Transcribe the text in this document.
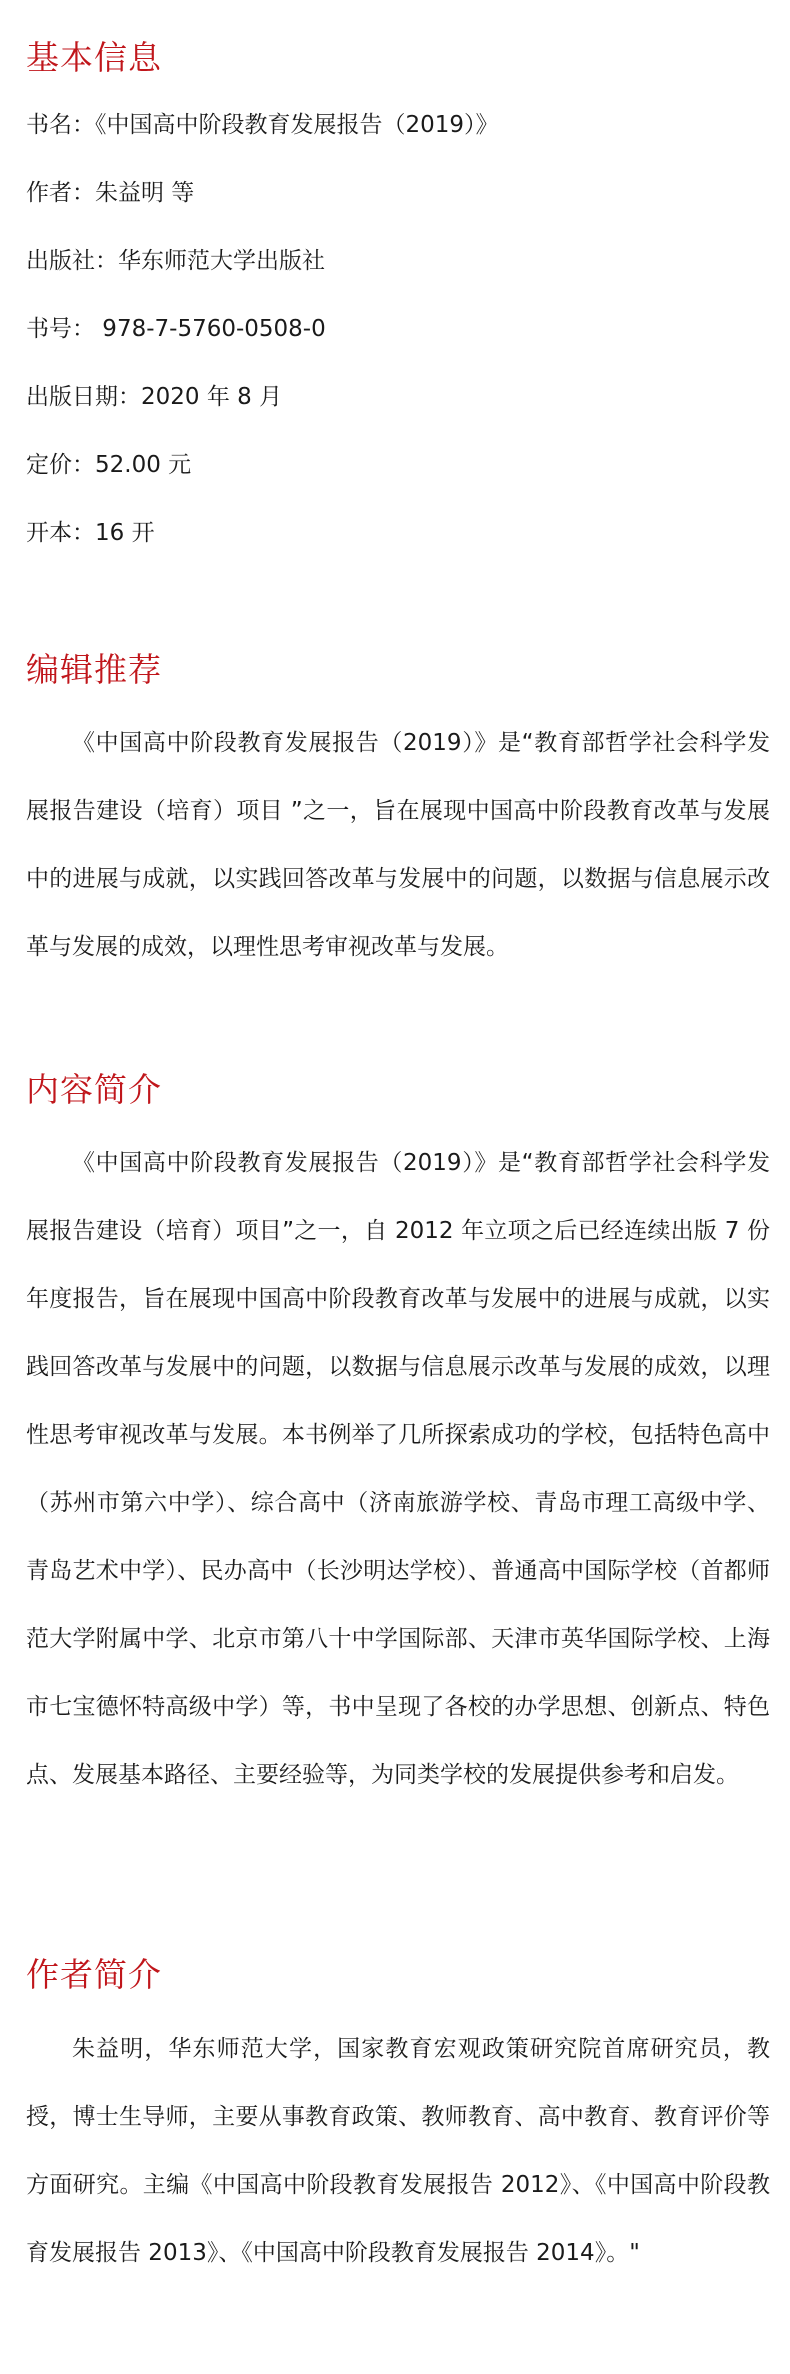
基本信息

书名：《中国高中阶段教育发展报告（2019）》

作者：朱益明 等

出版社：华东师范大学出版社

书号： 978-7-5760-0508-0

出版日期：2020 年 8 月

定价：52.00 元

开本：16 开

编辑推荐

《中国高中阶段教育发展报告（2019）》是“教育部哲学社会科学发展报告建设（培育）项目 ”之一，旨在展现中国高中阶段教育改革与发展中的进展与成就，以实践回答改革与发展中的问题，以数据与信息展示改革与发展的成效，以理性思考审视改革与发展。

内容简介

《中国高中阶段教育发展报告（2019）》是“教育部哲学社会科学发展报告建设（培育）项目”之一，自 2012 年立项之后已经连续出版 7 份年度报告，旨在展现中国高中阶段教育改革与发展中的进展与成就，以实践回答改革与发展中的问题，以数据与信息展示改革与发展的成效，以理性思考审视改革与发展。本书例举了几所探索成功的学校，包括特色高中（苏州市第六中学）、综合高中（济南旅游学校、青岛市理工高级中学、青岛艺术中学）、民办高中（长沙明达学校）、普通高中国际学校（首都师范大学附属中学、北京市第八十中学国际部、天津市英华国际学校、上海市七宝德怀特高级中学）等，书中呈现了各校的办学思想、创新点、特色点、发展基本路径、主要经验等，为同类学校的发展提供参考和启发。

作者简介

朱益明，华东师范大学，国家教育宏观政策研究院首席研究员，教授，博士生导师，主要从事教育政策、教师教育、高中教育、教育评价等方面研究。主编《中国高中阶段教育发展报告 2012》、《中国高中阶段教育发展报告 2013》、《中国高中阶段教育发展报告 2014》。"
